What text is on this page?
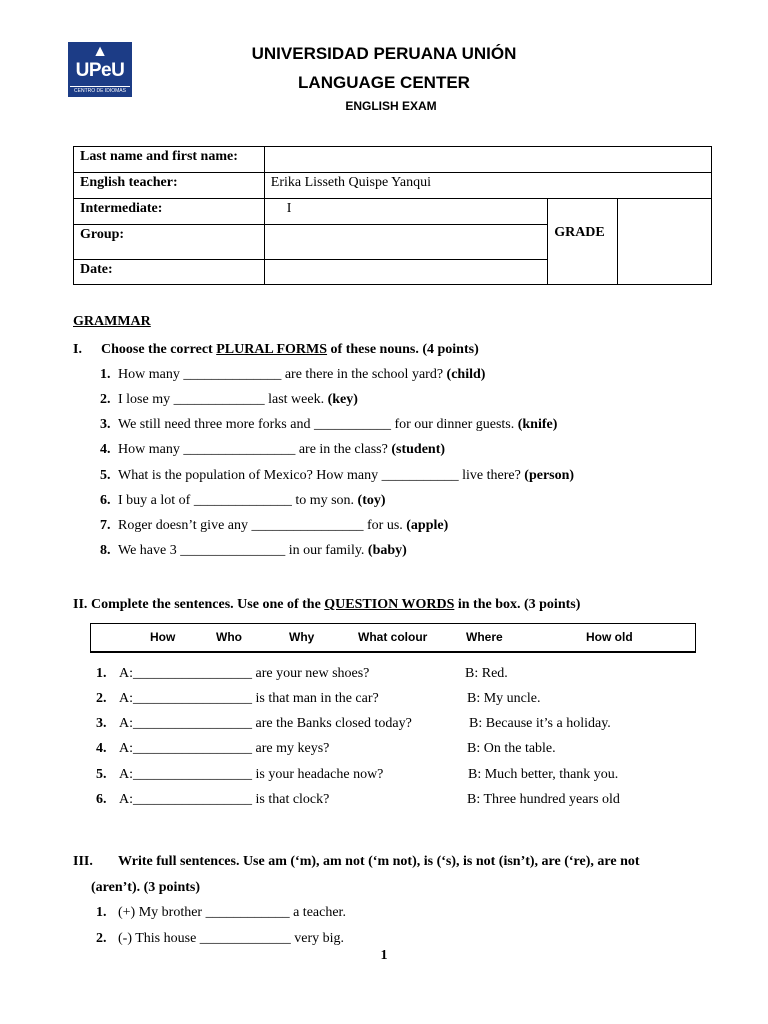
▲
UPeU
CENTRO DE IDIOMAS
UNIVERSIDAD PERUANA UNIÓN
LANGUAGE CENTER
ENGLISH EXAM
Last name and first name:			
English teacher:	Erika Lisseth Quispe Yanqui		
Intermediate:	I	GRADE	
Group:			
Date:			
GRAMMAR
I. Choose the correct PLURAL FORMS of these nouns. (4 points)
1. How many ______________ are there in the school yard? (child)
2. I lose my _____________ last week. (key)
3. We still need three more forks and ___________ for our dinner guests. (knife)
4. How many ________________ are in the class? (student)
5. What is the population of Mexico? How many ___________ live there? (person)
6. I buy a lot of ______________ to my son. (toy)
7. Roger doesn’t give any ________________ for us. (apple)
8. We have 3 _______________ in our family. (baby)
II. Complete the sentences. Use one of the QUESTION WORDS in the box. (3 points)
How	Who	Why	What colour	Where	How old
1. A:_________________ are your new shoes?	B: Red.
2. A:_________________ is that man in the car?	B: My uncle.
3. A:_________________ are the Banks closed today?	B: Because it’s a holiday.
4. A:_________________ are my keys?	B: On the table.
5. A:_________________ is your headache now?	B: Much better, thank you.
6. A:_________________ is that clock?	B: Three hundred years old
III. Write full sentences. Use am (‘m), am not (‘m not), is (‘s), is not (isn’t), are (‘re), are not
(aren’t). (3 points)
1. (+) My brother ____________ a teacher.
2. (-) This house _____________ very big.
1
